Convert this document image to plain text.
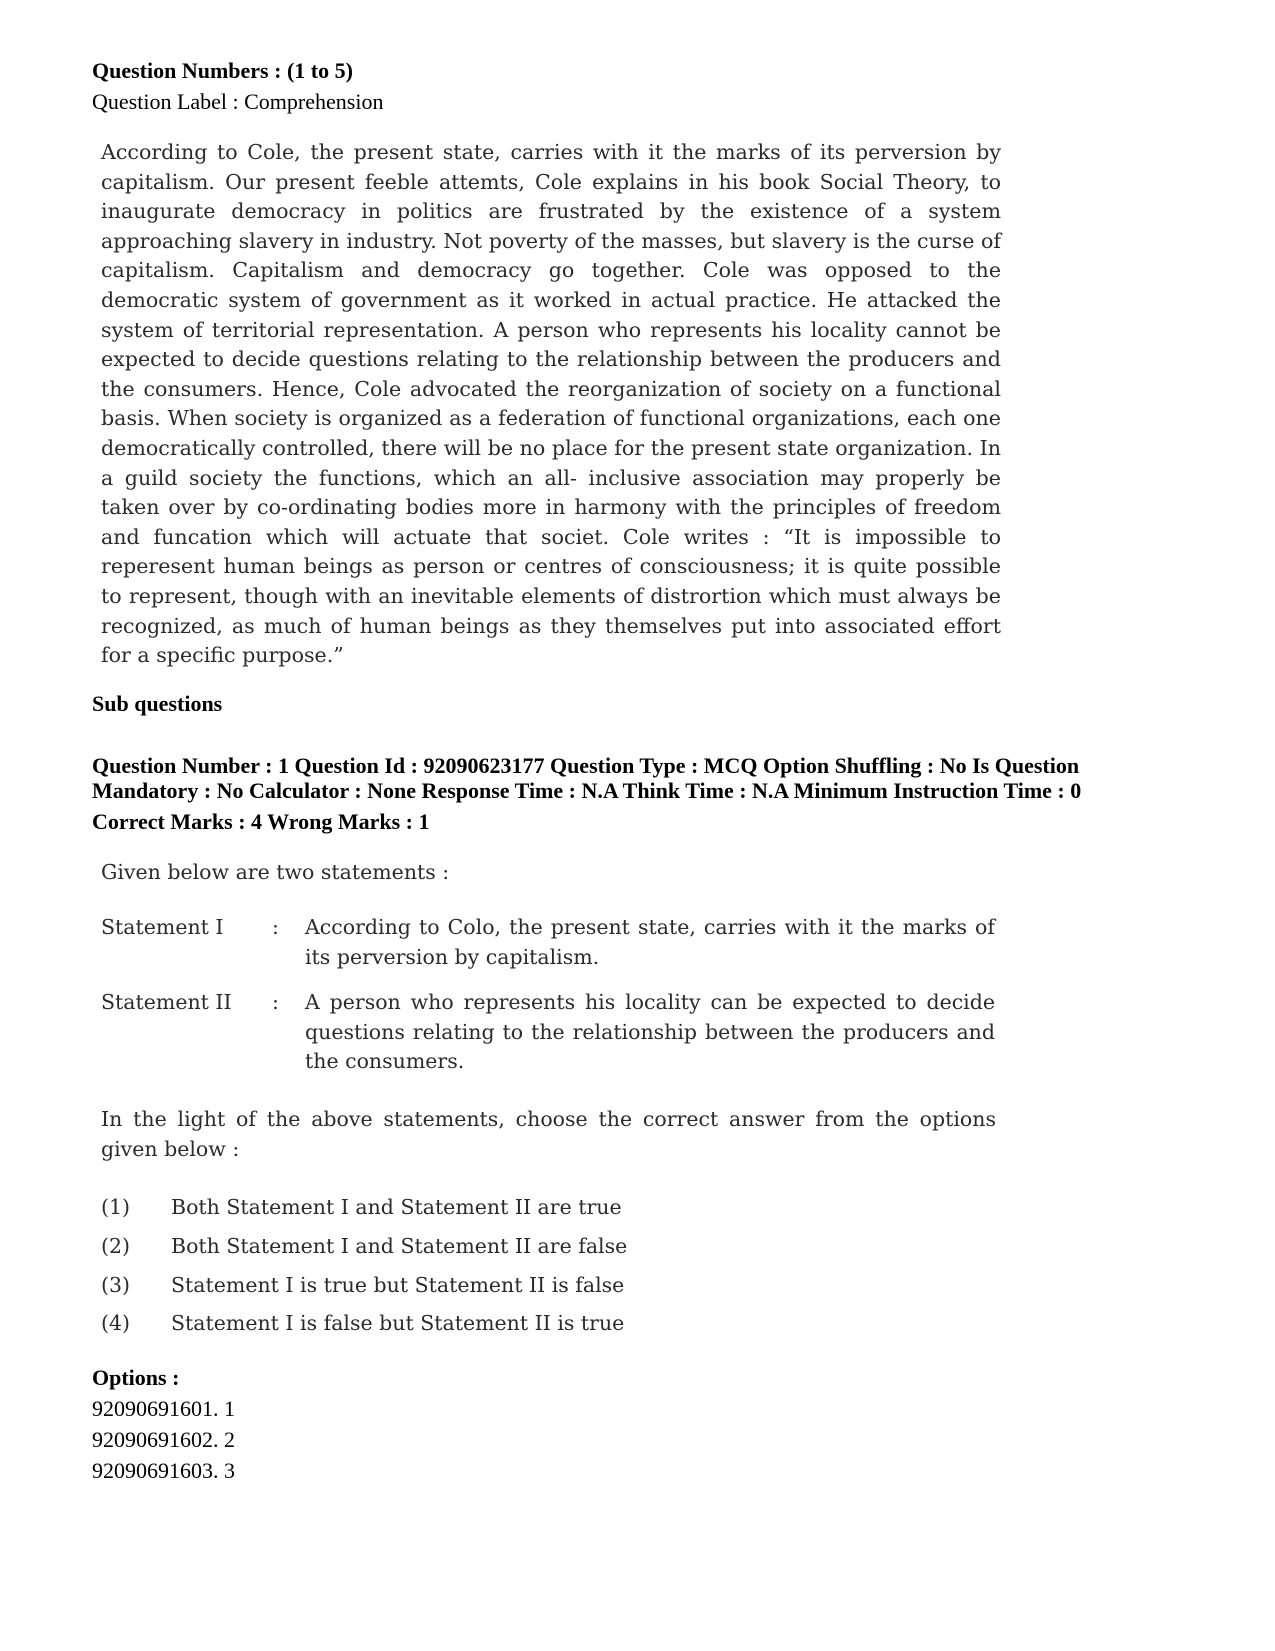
Question Numbers : (1 to 5)
Question Label : Comprehension
According to Cole, the present state, carries with it the marks of its perversion by capitalism. Our present feeble attemts, Cole explains in his book Social Theory, to inaugurate democracy in politics are frustrated by the existence of a system approaching slavery in industry. Not poverty of the masses, but slavery is the curse of capitalism. Capitalism and democracy go together. Cole was opposed to the democratic system of government as it worked in actual practice. He attacked the system of territorial representation. A person who represents his locality cannot be expected to decide questions relating to the relationship between the producers and the consumers. Hence, Cole advocated the reorganization of society on a functional basis. When society is organized as a federation of functional organizations, each one democratically controlled, there will be no place for the present state organization. In a guild society the functions, which an all- inclusive association may properly be taken over by co-ordinating bodies more in harmony with the principles of freedom and funcation which will actuate that societ. Cole writes : “It is impossible to reperesent human beings as person or centres of consciousness; it is quite possible to represent, though with an inevitable elements of distrortion which must always be recognized, as much of human beings as they themselves put into associated effort for a specific purpose.”
Sub questions
Question Number : 1 Question Id : 92090623177 Question Type : MCQ Option Shuffling : No Is Question
Mandatory : No Calculator : None Response Time : N.A Think Time : N.A Minimum Instruction Time : 0
Correct Marks : 4 Wrong Marks : 1
Given below are two statements :
Statement I : According to Colo, the present state, carries with it the marks of its perversion by capitalism.
Statement II : A person who represents his locality can be expected to decide questions relating to the relationship between the producers and the consumers.
In the light of the above statements, choose the correct answer from the options given below :
(1) Both Statement I and Statement II are true
(2) Both Statement I and Statement II are false
(3) Statement I is true but Statement II is false
(4) Statement I is false but Statement II is true
Options :
92090691601. 1
92090691602. 2
92090691603. 3
